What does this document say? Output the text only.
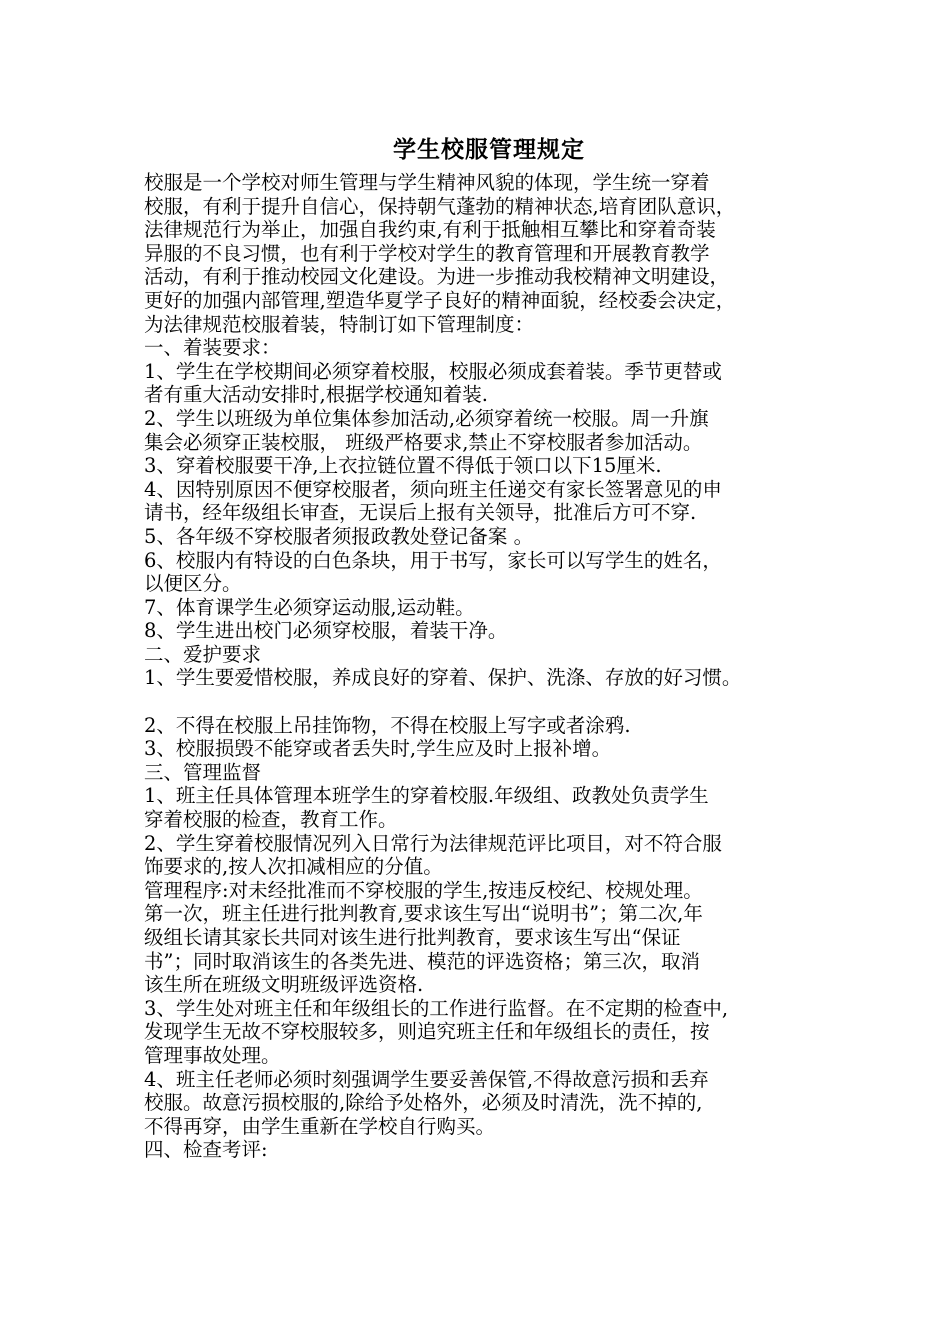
学生校服管理规定
校服是一个学校对师生管理与学生精神风貌的体现，学生统一穿着
校服，有利于提升自信心，保持朝气蓬勃的精神状态,培育团队意识，
法律规范行为举止，加强自我约束,有利于抵触相互攀比和穿着奇装
异服的不良习惯，也有利于学校对学生的教育管理和开展教育教学
活动，有利于推动校园文化建设。为进一步推动我校精神文明建设，
更好的加强内部管理,塑造华夏学子良好的精神面貌，经校委会决定，
为法律规范校服着装，特制订如下管理制度：
一、着装要求：
1、学生在学校期间必须穿着校服，校服必须成套着装。季节更替或
者有重大活动安排时,根据学校通知着装.
2、学生以班级为单位集体参加活动,必须穿着统一校服。周一升旗
集会必须穿正装校服， 班级严格要求,禁止不穿校服者参加活动。
3、穿着校服要干净,上衣拉链位置不得低于领口以下15厘米.
4、因特别原因不便穿校服者，须向班主任递交有家长签署意见的申
请书，经年级组长审查，无误后上报有关领导，批准后方可不穿.
5、各年级不穿校服者须报政教处登记备案 。
6、校服内有特设的白色条块，用于书写，家长可以写学生的姓名，
以便区分。
7、体育课学生必须穿运动服,运动鞋。
8、学生进出校门必须穿校服，着装干净。
二、爱护要求
1、学生要爱惜校服，养成良好的穿着、保护、洗涤、存放的好习惯。
2、不得在校服上吊挂饰物，不得在校服上写字或者涂鸦.
3、校服损毁不能穿或者丢失时,学生应及时上报补增。
三、管理监督
1、班主任具体管理本班学生的穿着校服.年级组、政教处负责学生
穿着校服的检查，教育工作。
2、学生穿着校服情况列入日常行为法律规范评比项目，对不符合服
饰要求的,按人次扣减相应的分值。
管理程序:对未经批准而不穿校服的学生,按违反校纪、校规处理。
第一次，班主任进行批判教育,要求该生写出“说明书”；第二次,年
级组长请其家长共同对该生进行批判教育，要求该生写出“保证
书”；同时取消该生的各类先进、模范的评选资格；第三次，取消
该生所在班级文明班级评选资格.
3、学生处对班主任和年级组长的工作进行监督。在不定期的检查中,
发现学生无故不穿校服较多，则追究班主任和年级组长的责任，按
管理事故处理。
4、班主任老师必须时刻强调学生要妥善保管,不得故意污损和丢弃
校服。故意污损校服的,除给予处格外，必须及时清洗，洗不掉的,
不得再穿，由学生重新在学校自行购买。
四、检查考评:
